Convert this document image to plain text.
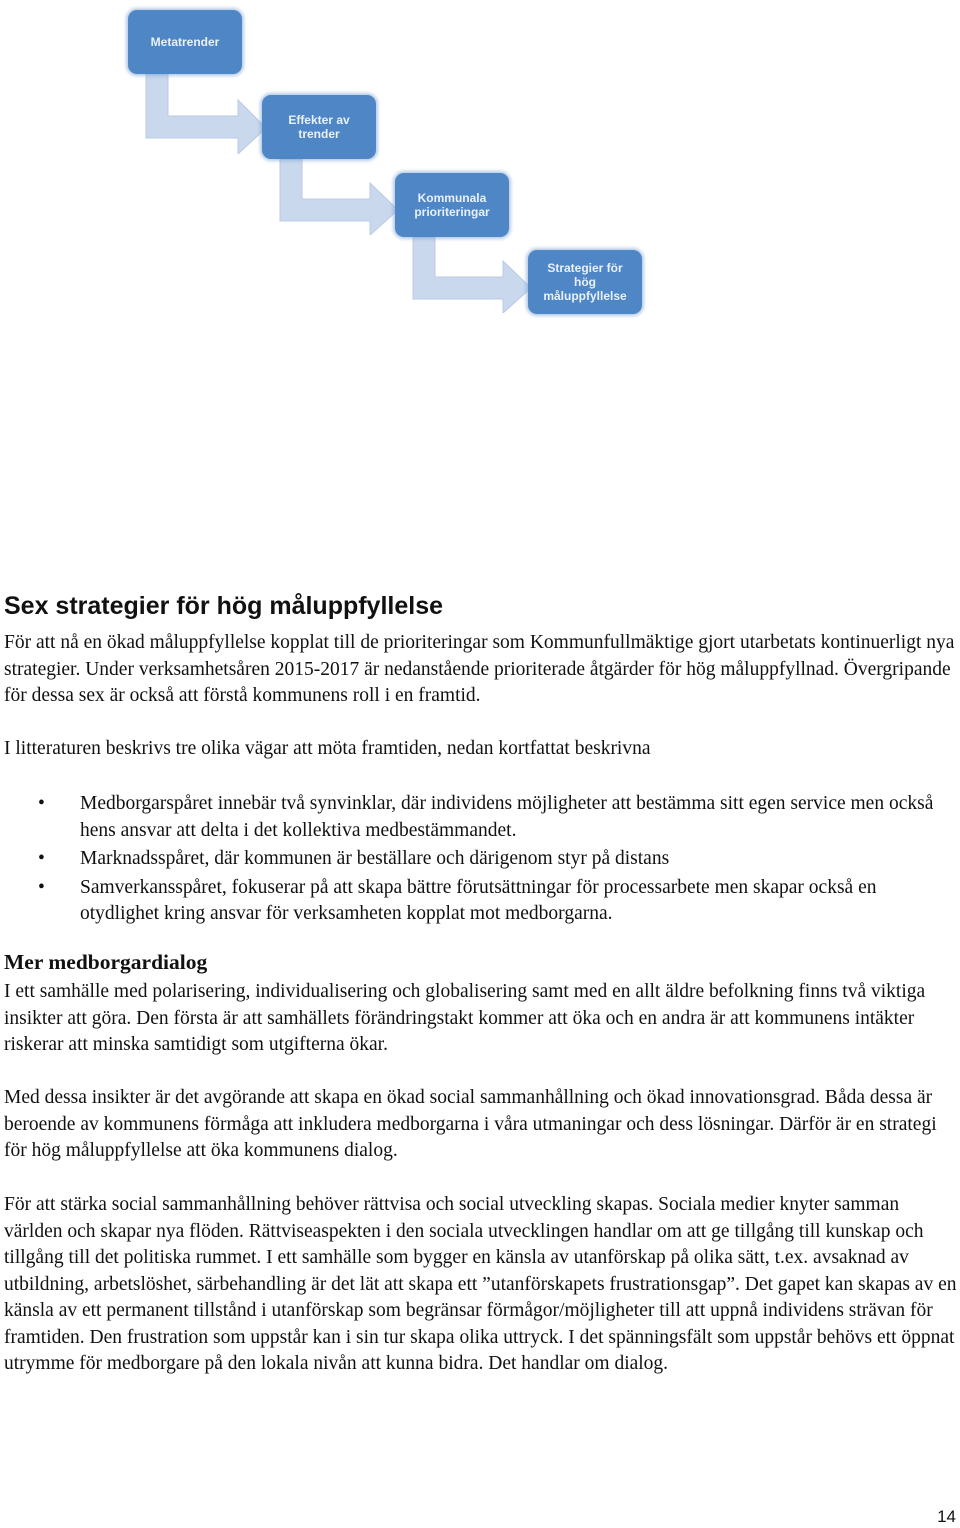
Metatrender
Effekter av
trender
Kommunala
prioriteringar
Strategier för
hög
måluppfyllelse
Sex strategier för hög måluppfyllelse

För att nå en ökad måluppfyllelse kopplat till de prioriteringar som Kommunfullmäktige gjort utarbetats kontinuerligt nya strategier. Under verksamhetsåren 2015-2017 är nedanstående prioriterade åtgärder för hög måluppfyllnad. Övergripande för dessa sex är också att förstå kommunens roll i en framtid.

I litteraturen beskrivs tre olika vägar att möta framtiden, nedan kortfattat beskrivna

• Medborgarspåret innebär två synvinklar, där individens möjligheter att bestämma sitt egen service men också hens ansvar att delta i det kollektiva medbestämmandet.
• Marknadsspåret, där kommunen är beställare och därigenom styr på distans
• Samverkansspåret, fokuserar på att skapa bättre förutsättningar för processarbete men skapar också en otydlighet kring ansvar för verksamheten kopplat mot medborgarna.
Mer medborgardialog

I ett samhälle med polarisering, individualisering och globalisering samt med en allt äldre befolkning finns två viktiga insikter att göra. Den första är att samhällets förändringstakt kommer att öka och en andra är att kommunens intäkter riskerar att minska samtidigt som utgifterna ökar.

Med dessa insikter är det avgörande att skapa en ökad social sammanhållning och ökad innovationsgrad. Båda dessa är beroende av kommunens förmåga att inkludera medborgarna i våra utmaningar och dess lösningar. Därför är en strategi för hög måluppfyllelse att öka kommunens dialog.

För att stärka social sammanhållning behöver rättvisa och social utveckling skapas. Sociala medier knyter samman världen och skapar nya flöden. Rättviseaspekten i den sociala utvecklingen handlar om att ge tillgång till kunskap och tillgång till det politiska rummet. I ett samhälle som bygger en känsla av utanförskap på olika sätt, t.ex. avsaknad av utbildning, arbetslöshet, särbehandling är det lät att skapa ett ”utanförskapets frustrationsgap”. Det gapet kan skapas av en känsla av ett permanent tillstånd i utanförskap som begränsar förmågor/möjligheter till att uppnå individens strävan för framtiden. Den frustration som uppstår kan i sin tur skapa olika uttryck. I det spänningsfält som uppstår behövs ett öppnat utrymme för medborgare på den lokala nivån att kunna bidra. Det handlar om dialog.

14
